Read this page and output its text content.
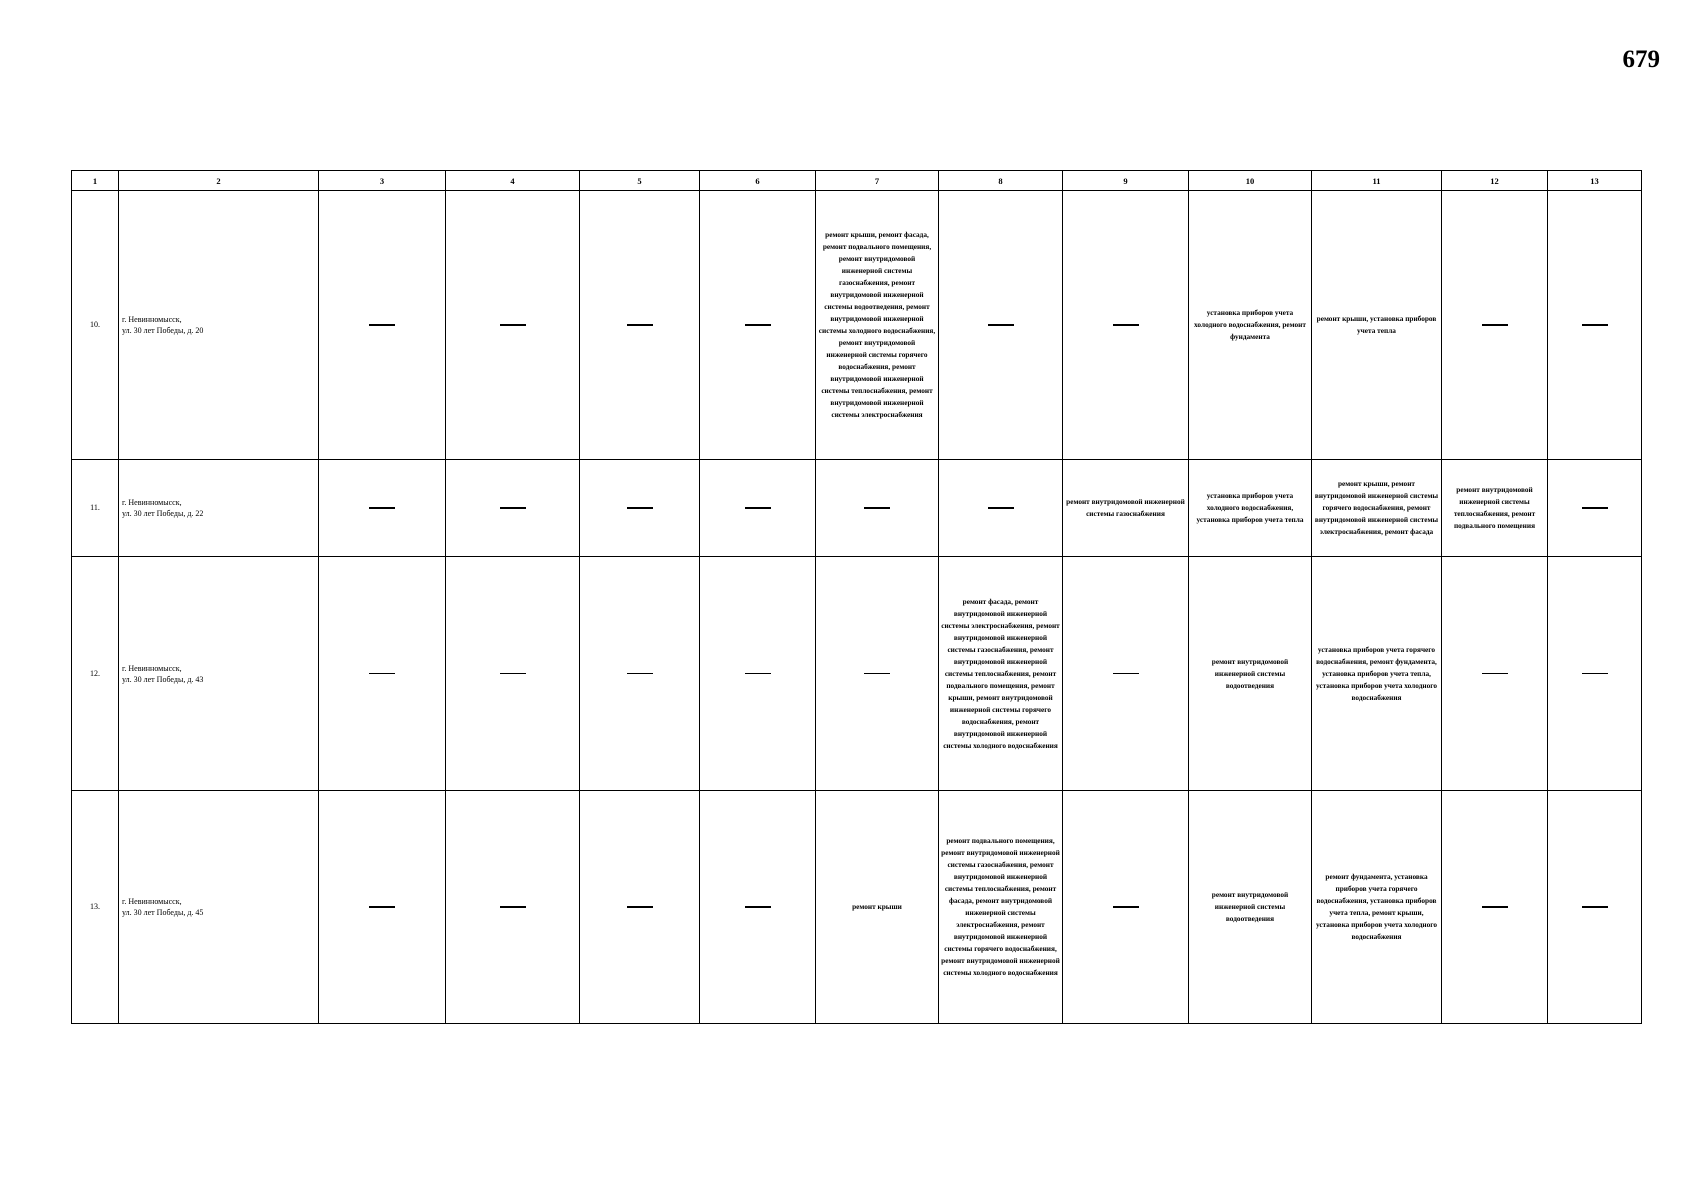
679
1	2	3	4	5	6	7	8	9	10	11	12	13
10.	г. Невинномысск,
ул. 30 лет Победы, д. 20					ремонт крыши, ремонт фасада, ремонт подвального помещения, ремонт внутридомовой инженерной системы газоснабжения, ремонт внутридомовой инженерной системы водоотведения, ремонт внутридомовой инженерной системы холодного водоснабжения, ремонт внутридомовой инженерной системы горячего водоснабжения, ремонт внутридомовой инженерной системы теплоснабжения, ремонт внутридомовой инженерной системы электроснабжения			установка приборов учета холодного водоснабжения, ремонт фундамента	ремонт крыши, установка приборов учета тепла		
11.	г. Невинномысск,
ул. 30 лет Победы, д. 22							ремонт внутридомовой инженерной системы газоснабжения	установка приборов учета холодного водоснабжения, установка приборов учета тепла	ремонт крыши, ремонт внутридомовой инженерной системы горячего водоснабжения, ремонт внутридомовой инженерной системы электроснабжения, ремонт фасада	ремонт внутридомовой инженерной системы теплоснабжения, ремонт подвального помещения	
12.	г. Невинномысск,
ул. 30 лет Победы, д. 43						ремонт фасада, ремонт внутридомовой инженерной системы электроснабжения, ремонт внутридомовой инженерной системы газоснабжения, ремонт внутридомовой инженерной системы теплоснабжения, ремонт подвального помещения, ремонт крыши, ремонт внутридомовой инженерной системы горячего водоснабжения, ремонт внутридомовой инженерной системы холодного водоснабжения		ремонт внутридомовой инженерной системы водоотведения	установка приборов учета горячего водоснабжения, ремонт фундамента, установка приборов учета тепла, установка приборов учета холодного водоснабжения		
13.	г. Невинномысск,
ул. 30 лет Победы, д. 45					ремонт крыши	ремонт подвального помещения, ремонт внутридомовой инженерной системы газоснабжения, ремонт внутридомовой инженерной системы теплоснабжения, ремонт фасада, ремонт внутридомовой инженерной системы электроснабжения, ремонт внутридомовой инженерной системы горячего водоснабжения, ремонт внутридомовой инженерной системы холодного водоснабжения		ремонт внутридомовой инженерной системы водоотведения	ремонт фундамента, установка приборов учета горячего водоснабжения, установка приборов учета тепла, ремонт крыши, установка приборов учета холодного водоснабжения		
